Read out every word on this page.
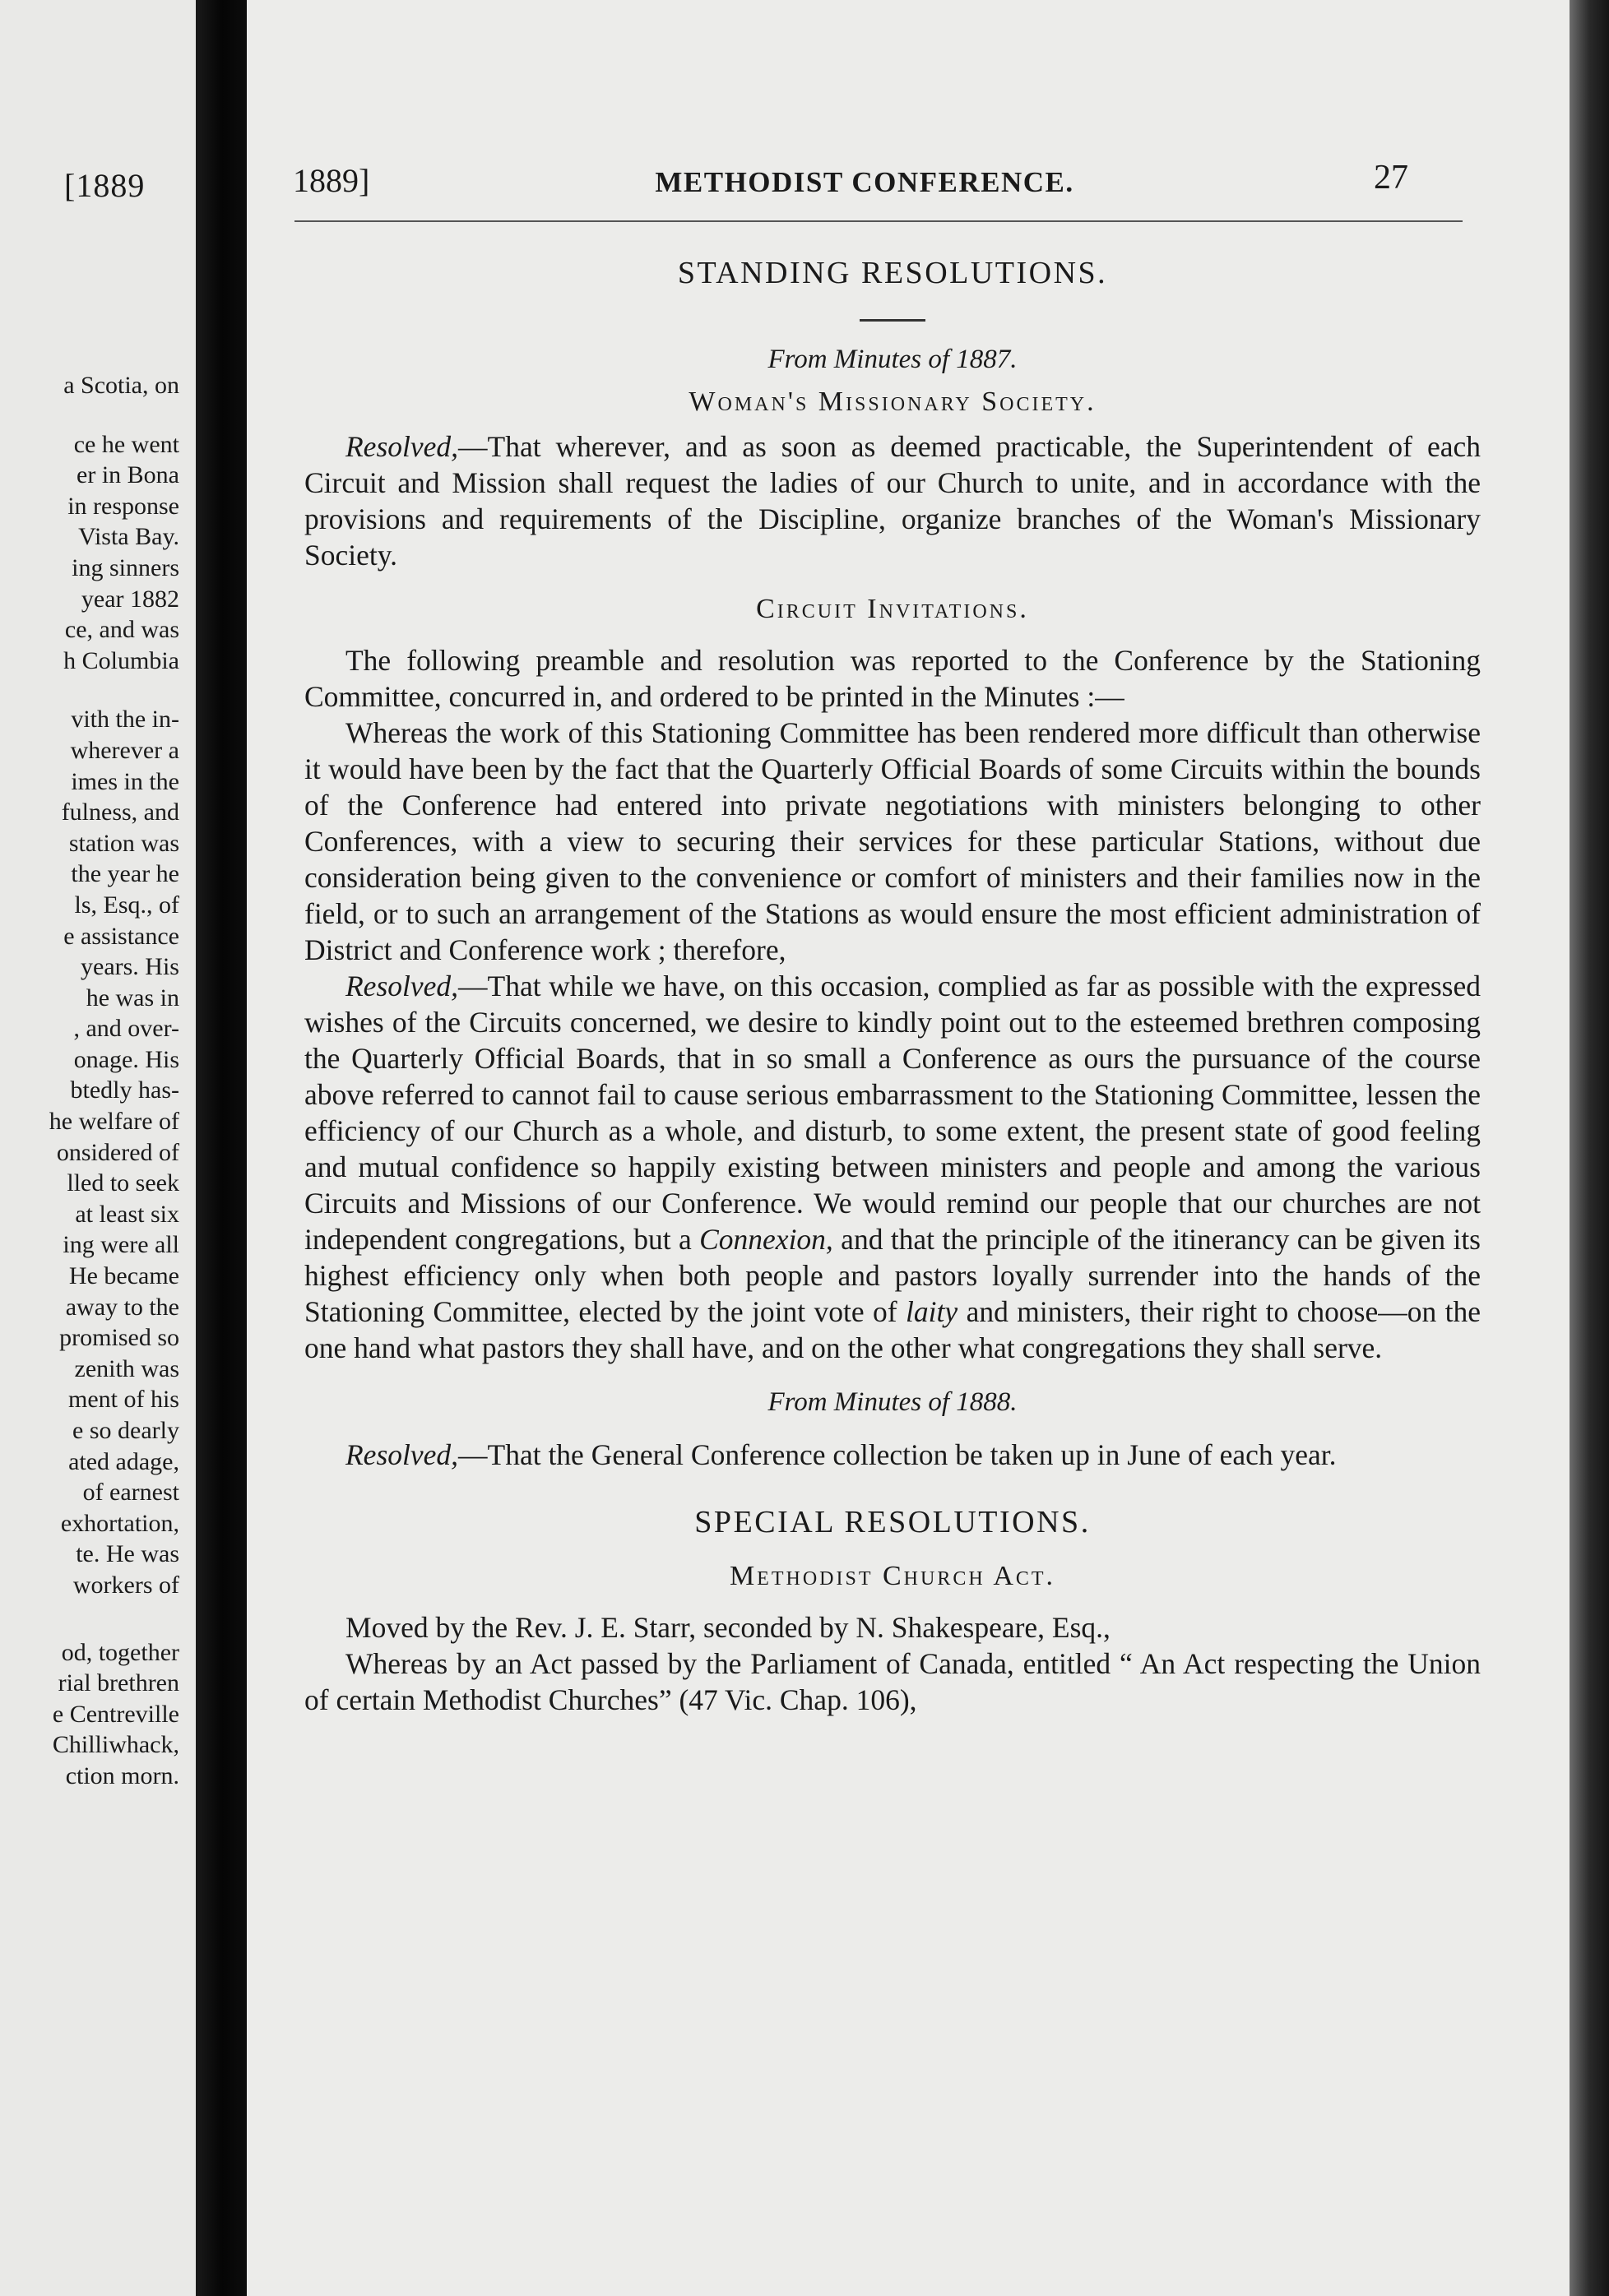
[1889
a Scotia, on
ce he went
er in Bona
in response
Vista Bay.
ing sinners
year 1882
ce, and was
h Columbia
vith the in-
wherever a
imes in the
fulness, and
station was
the year he
ls, Esq., of
e assistance
years. His
he was in
, and over-
onage. His
btedly has-
he welfare of
onsidered of
lled to seek
at least six
ing were all
He became
away to the
promised so
zenith was
ment of his
e so dearly
ated adage,
of earnest
exhortation,
te. He was
workers of
od, together
rial brethren
e Centreville
Chilliwhack,
ction morn.
1889]	METHODIST CONFERENCE.	27
STANDING RESOLUTIONS.
From Minutes of 1887.
Woman's Missionary Society.

Resolved,—That wherever, and as soon as deemed practicable, the Superintendent of each Circuit and Mission shall request the ladies of our Church to unite, and in accordance with the provisions and requirements of the Discipline, organize branches of the Woman's Missionary Society.

Circuit Invitations.

The following preamble and resolution was reported to the Conference by the Stationing Committee, concurred in, and ordered to be printed in the Minutes :—

Whereas the work of this Stationing Committee has been rendered more difficult than otherwise it would have been by the fact that the Quarterly Official Boards of some Circuits within the bounds of the Conference had entered into private negotiations with ministers belonging to other Conferences, with a view to securing their services for these particular Stations, without due consideration being given to the convenience or comfort of ministers and their families now in the field, or to such an arrangement of the Stations as would ensure the most efficient administration of District and Conference work ; therefore,

Resolved,—That while we have, on this occasion, complied as far as possible with the expressed wishes of the Circuits concerned, we desire to kindly point out to the esteemed brethren composing the Quarterly Official Boards, that in so small a Conference as ours the pursuance of the course above referred to cannot fail to cause serious embarrassment to the Stationing Committee, lessen the efficiency of our Church as a whole, and disturb, to some extent, the present state of good feeling and mutual confidence so happily existing between ministers and people and among the various Circuits and Missions of our Conference. We would remind our people that our churches are not independent congregations, but a Connexion, and that the principle of the itinerancy can be given its highest efficiency only when both people and pastors loyally surrender into the hands of the Stationing Committee, elected by the joint vote of laity and ministers, their right to choose—on the one hand what pastors they shall have, and on the other what congregations they shall serve.

From Minutes of 1888.

Resolved,—That the General Conference collection be taken up in June of each year.

SPECIAL RESOLUTIONS.
Methodist Church Act.

Moved by the Rev. J. E. Starr, seconded by N. Shakespeare, Esq.,

Whereas by an Act passed by the Parliament of Canada, entitled “ An Act respecting the Union of certain Methodist Churches” (47 Vic. Chap. 106),
